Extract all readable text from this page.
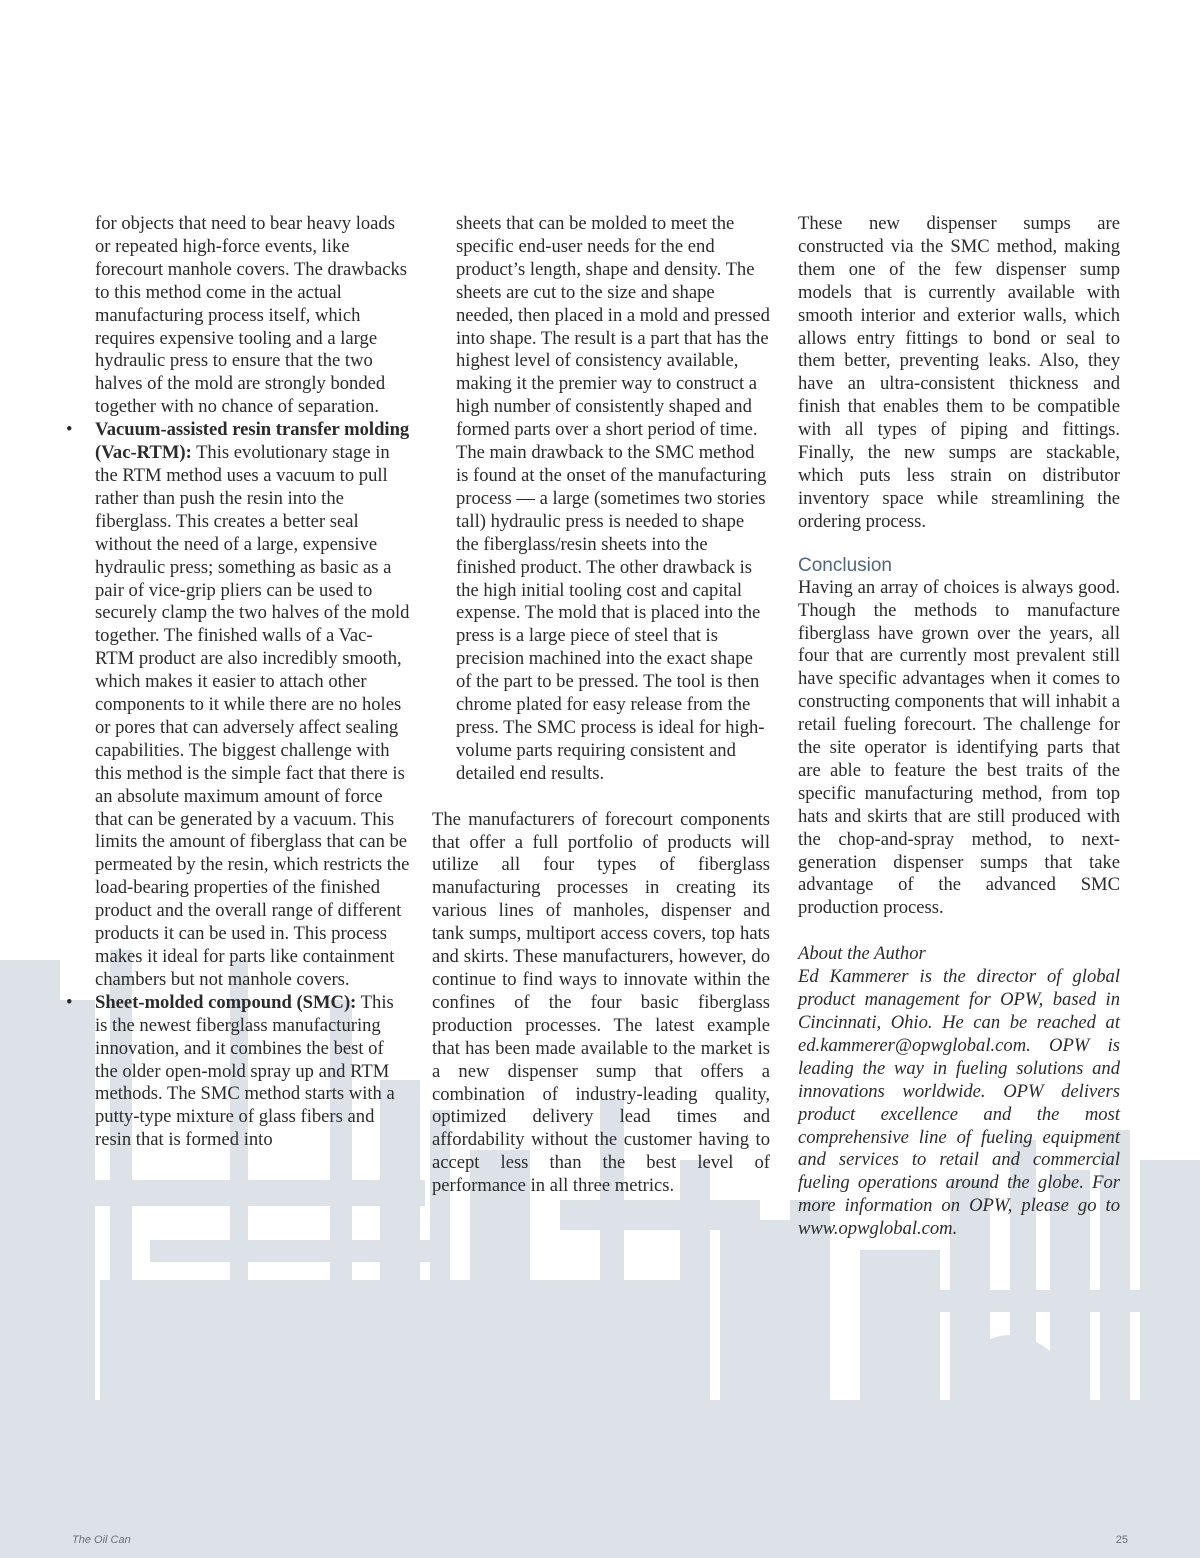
for objects that need to bear heavy loads or repeated high-force events, like forecourt manhole covers. The drawbacks to this method come in the actual manufacturing process itself, which requires expensive tooling and a large hydraulic press to ensure that the two halves of the mold are strongly bonded together with no chance of separation.

• Vacuum-assisted resin transfer molding (Vac-RTM): This evolutionary stage in the RTM method uses a vacuum to pull rather than push the resin into the fiberglass. This creates a better seal without the need of a large, expensive hydraulic press; something as basic as a pair of vice-grip pliers can be used to securely clamp the two halves of the mold together. The finished walls of a Vac-RTM product are also incredibly smooth, which makes it easier to attach other components to it while there are no holes or pores that can adversely affect sealing capabilities. The biggest challenge with this method is the simple fact that there is an absolute maximum amount of force that can be generated by a vacuum. This limits the amount of fiberglass that can be permeated by the resin, which restricts the load-bearing properties of the finished product and the overall range of different products it can be used in. This process makes it ideal for parts like containment chambers but not manhole covers.
• Sheet-molded compound (SMC): This is the newest fiberglass manufacturing innovation, and it combines the best of the older open-mold spray up and RTM methods. The SMC method starts with a putty-type mixture of glass fibers and resin that is formed into

sheets that can be molded to meet the specific end-user needs for the end product’s length, shape and density. The sheets are cut to the size and shape needed, then placed in a mold and pressed into shape. The result is a part that has the highest level of consistency available, making it the premier way to construct a high number of consistently shaped and formed parts over a short period of time. The main drawback to the SMC method is found at the onset of the manufacturing process — a large (sometimes two stories tall) hydraulic press is needed to shape the fiberglass/resin sheets into the finished product. The other drawback is the high initial tooling cost and capital expense. The mold that is placed into the press is a large piece of steel that is precision machined into the exact shape of the part to be pressed. The tool is then chrome plated for easy release from the press. The SMC process is ideal for high-volume parts requiring consistent and detailed end results.

The manufacturers of forecourt components that offer a full portfolio of products will utilize all four types of fiberglass manufacturing processes in creating its various lines of manholes, dispenser and tank sumps, multiport access covers, top hats and skirts. These manufacturers, however, do continue to find ways to innovate within the confines of the four basic fiberglass production processes. The latest example that has been made available to the market is a new dispenser sump that offers a combination of industry-leading quality, optimized delivery lead times and affordability without the customer having to accept less than the best level of performance in all three metrics.

These new dispenser sumps are constructed via the SMC method, making them one of the few dispenser sump models that is currently available with smooth interior and exterior walls, which allows entry fittings to bond or seal to them better, preventing leaks. Also, they have an ultra-consistent thickness and finish that enables them to be compatible with all types of piping and fittings. Finally, the new sumps are stackable, which puts less strain on distributor inventory space while streamlining the ordering process.

Conclusion

Having an array of choices is always good. Though the methods to manufacture fiberglass have grown over the years, all four that are currently most prevalent still have specific advantages when it comes to constructing components that will inhabit a retail fueling forecourt. The challenge for the site operator is identifying parts that are able to feature the best traits of the specific manufacturing method, from top hats and skirts that are still produced with the chop-and-spray method, to next-generation dispenser sumps that take advantage of the advanced SMC production process.

About the Author

Ed Kammerer is the director of global product management for OPW, based in Cincinnati, Ohio. He can be reached at ed.kammerer@opwglobal.com. OPW is leading the way in fueling solutions and innovations worldwide. OPW delivers product excellence and the most comprehensive line of fueling equipment and services to retail and commercial fueling operations around the globe. For more information on OPW, please go to www.opwglobal.com.

The Oil Can	25
